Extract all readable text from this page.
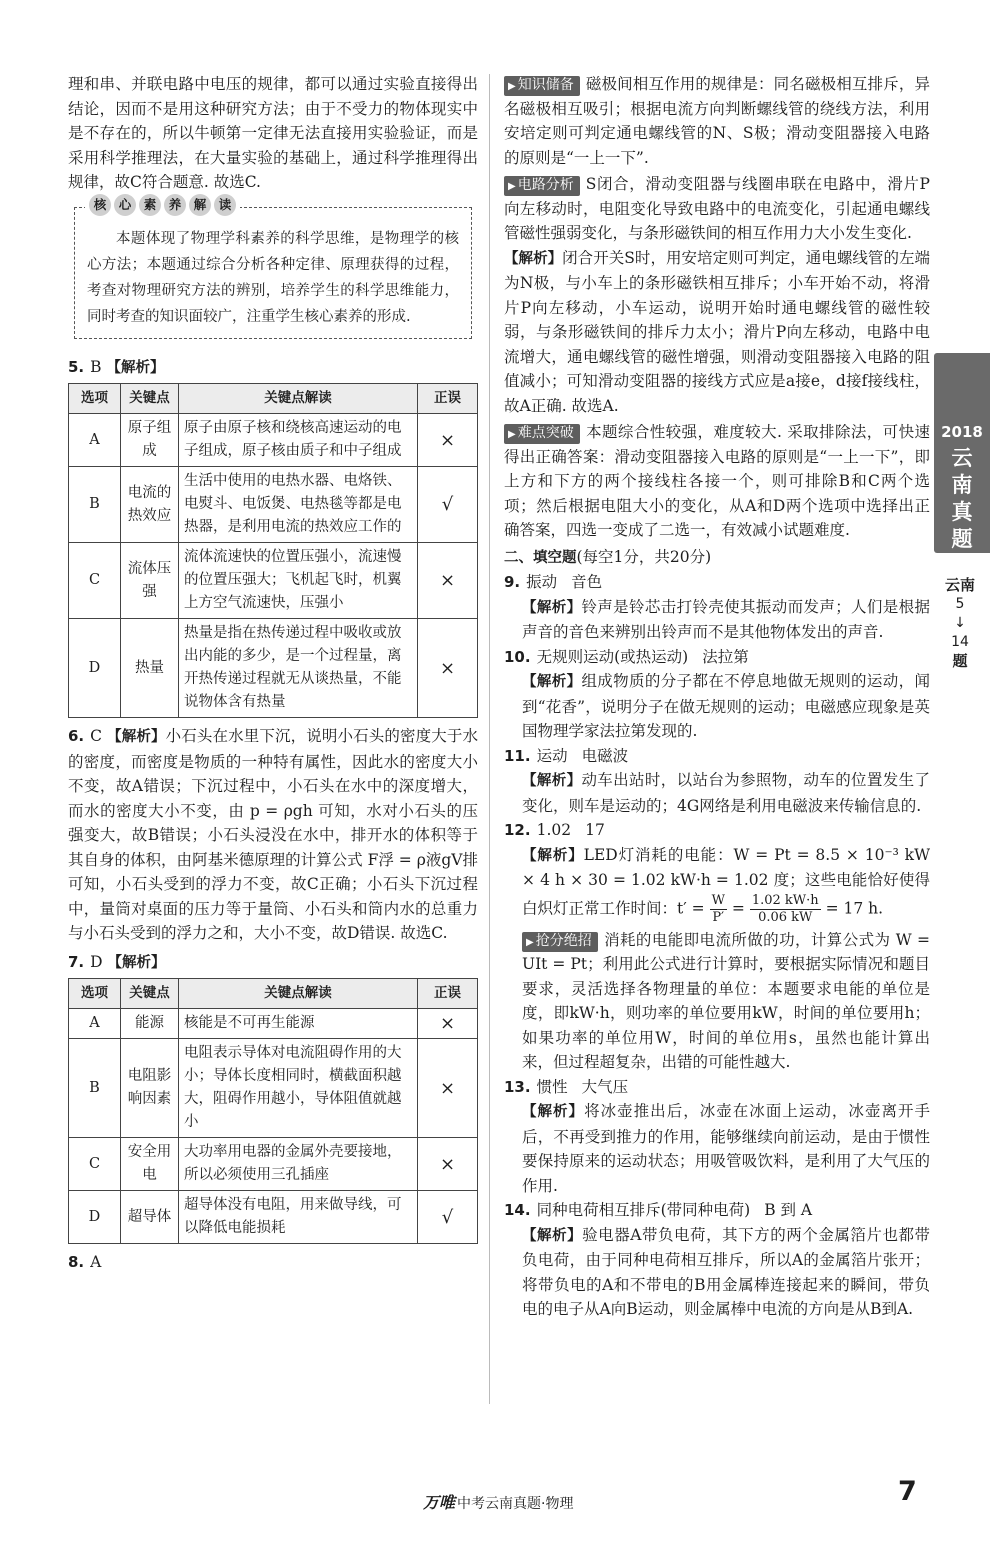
理和串、并联电路中电压的规律，都可以通过实验直接得出结论，因而不是用这种研究方法；由于不受力的物体现实中是不存在的，所以牛顿第一定律无法直接用实验验证，而是采用科学推理法，在大量实验的基础上，通过科学推理得出规律，故C符合题意. 故选C.

核 心 素 养 解 读

本题体现了物理学科素养的科学思维，是物理学的核心方法；本题通过综合分析各种定律、原理获得的过程，考查对物理研究方法的辨别，培养学生的科学思维能力，同时考查的知识面较广，注重学生核心素养的形成.

5. B 【解析】
选项	关键点	关键点解读	正误
A	原子组成	原子由原子核和绕核高速运动的电子组成，原子核由质子和中子组成	×
B	电流的热效应	生活中使用的电热水器、电烙铁、电熨斗、电饭煲、电热毯等都是电热器，是利用电流的热效应工作的	√
C	流体压强	流体流速快的位置压强小，流速慢的位置压强大；飞机起飞时，机翼上方空气流速快，压强小	×
D	热量	热量是指在热传递过程中吸收或放出内能的多少，是一个过程量，离开热传递过程就无从谈热量，不能说物体含有热量	×

6. C 【解析】小石头在水里下沉，说明小石头的密度大于水的密度，而密度是物质的一种特有属性，因此水的密度大小不变，故A错误；下沉过程中，小石头在水中的深度增大，而水的密度大小不变，由 p = ρgh 可知，水对小石头的压强变大，故B错误；小石头浸没在水中，排开水的体积等于其自身的体积，由阿基米德原理的计算公式 F浮 = ρ液gV排 可知，小石头受到的浮力不变，故C正确；小石头下沉过程中，量筒对桌面的压力等于量筒、小石头和筒内水的总重力与小石头受到的浮力之和，大小不变，故D错误. 故选C.

7. D 【解析】
选项	关键点	关键点解读	正误
A	能源	核能是不可再生能源	×
B	电阻影响因素	电阻表示导体对电流阻碍作用的大小；导体长度相同时，横截面积越大，阻碍作用越小，导体阻值就越小	×
C	安全用电	大功率用电器的金属外壳要接地，所以必须使用三孔插座	×
D	超导体	超导体没有电阻，用来做导线，可以降低电能损耗	√
8. A

▶ 知识储备 磁极间相互作用的规律是：同名磁极相互排斥，异名磁极相互吸引；根据电流方向判断螺线管的绕线方法，利用安培定则可判定通电螺线管的N、S极；滑动变阻器接入电路的原则是“一上一下”.

▶ 电路分析 S闭合，滑动变阻器与线圈串联在电路中，滑片P向左移动时，电阻变化导致电路中的电流变化，引起通电螺线管磁性强弱变化，与条形磁铁间的相互作用力大小发生变化.

【解析】闭合开关S时，用安培定则可判定，通电螺线管的左端为N极，与小车上的条形磁铁相互排斥；小车开始不动，将滑片P向左移动，小车运动，说明开始时通电螺线管的磁性较弱，与条形磁铁间的排斥力太小；滑片P向左移动，电路中电流增大，通电螺线管的磁性增强，则滑动变阻器接入电路的阻值减小；可知滑动变阻器的接线方式应是a接e，d接f接线柱，故A正确. 故选A.

▶ 难点突破 本题综合性较强，难度较大. 采取排除法，可快速得出正确答案：滑动变阻器接入电路的原则是“一上一下”，即上方和下方的两个接线柱各接一个，则可排除B和C两个选项；然后根据电阻大小的变化，从A和D两个选项中选择出正确答案，四选一变成了二选一，有效减小试题难度.

二、填空题(每空1分，共20分)
9. 振动 音色

【解析】铃声是铃芯击打铃壳使其振动而发声；人们是根据声音的音色来辨别出铃声而不是其他物体发出的声音.

10. 无规则运动(或热运动) 法拉第

【解析】组成物质的分子都在不停息地做无规则的运动，闻到“花香”，说明分子在做无规则的运动；电磁感应现象是英国物理学家法拉第发现的.

11. 运动 电磁波

【解析】动车出站时，以站台为参照物，动车的位置发生了变化，则车是运动的；4G网络是利用电磁波来传输信息的.

12. 1.02 17

【解析】LED灯消耗的电能：W = Pt = 8.5 × 10⁻³ kW × 4 h × 30 = 1.02 kW·h = 1.02 度；这些电能恰好使得白炽灯正常工作时间：$t' = \frac{W}{P'} = \frac{1.02 kW\cdot h}{0.06 kW} = 17$ h.

▶ 抢分绝招 消耗的电能即电流所做的功，计算公式为 W = UIt = Pt；利用此公式进行计算时，要根据实际情况和题目要求，灵活选择各物理量的单位：本题要求电能的单位是度，即kW·h，则功率的单位要用kW，时间的单位要用h；如果功率的单位用W，时间的单位用s，虽然也能计算出来，但过程超复杂，出错的可能性越大.

13. 惯性 大气压

【解析】将冰壶推出后，冰壶在冰面上运动，冰壶离开手后，不再受到推力的作用，能够继续向前运动，是由于惯性要保持原来的运动状态；用吸管吸饮料，是利用了大气压的作用.

14. 同种电荷相互排斥(带同种电荷) B 到 A

【解析】验电器A带负电荷，其下方的两个金属箔片也都带负电荷，由于同种电荷相互排斥，所以A的金属箔片张开；将带负电的A和不带电的B用金属棒连接起来的瞬间，带负电的电子从A向B运动，则金属棒中电流的方向是从B到A.

2018
云
南
真
题
云南
5
↓
14
题
万唯 中考云南真题·物理	7
